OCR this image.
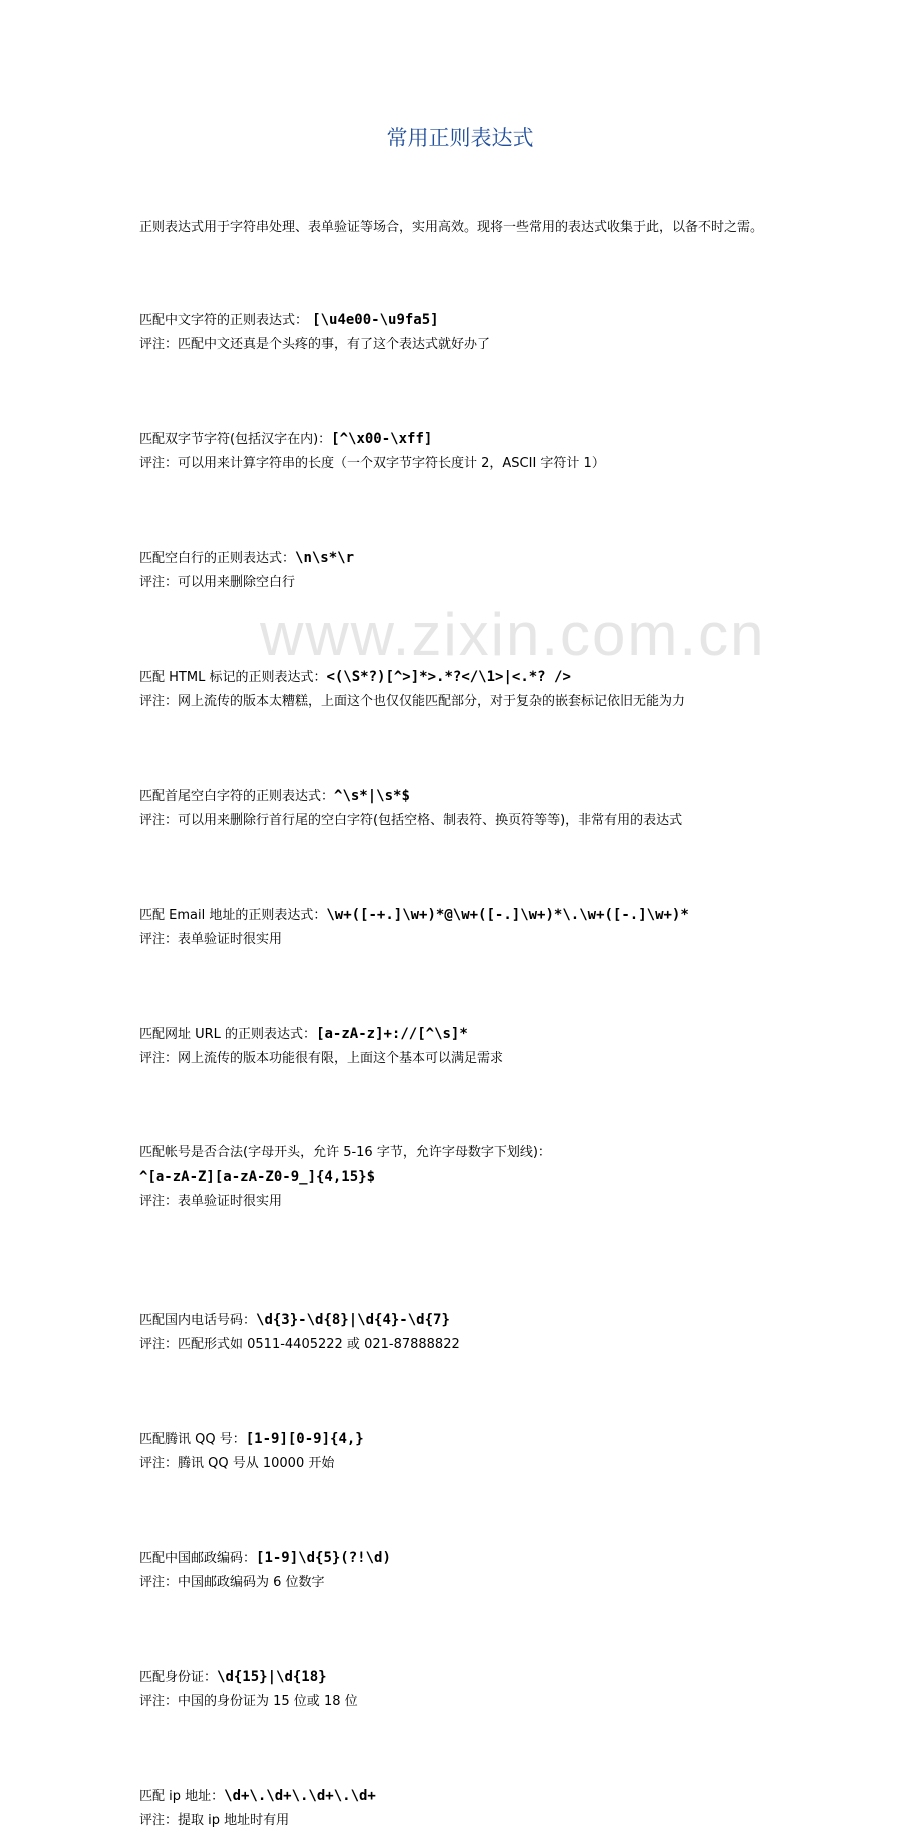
www.zixin.com.cn
常用正则表达式
正则表达式用于字符串处理、表单验证等场合，实用高效。现将一些常用的表达式收集于此，以备不时之需。
匹配中文字符的正则表达式： [\u4e00-\u9fa5]
评注：匹配中文还真是个头疼的事，有了这个表达式就好办了
匹配双字节字符(包括汉字在内)：[^\x00-\xff]
评注：可以用来计算字符串的长度（一个双字节字符长度计 2，ASCII 字符计 1）
匹配空白行的正则表达式：\n\s*\r
评注：可以用来删除空白行
匹配 HTML 标记的正则表达式：<(\S*?)[^>]*>.*?</\1>|<.*? />
评注：网上流传的版本太糟糕，上面这个也仅仅能匹配部分，对于复杂的嵌套标记依旧无能为力
匹配首尾空白字符的正则表达式：^\s*|\s*$
评注：可以用来删除行首行尾的空白字符(包括空格、制表符、换页符等等)，非常有用的表达式
匹配 Email 地址的正则表达式：\w+([-+.]\w+)*@\w+([-.]\w+)*\.\w+([-.]\w+)*
评注：表单验证时很实用
匹配网址 URL 的正则表达式：[a-zA-z]+://[^\s]*
评注：网上流传的版本功能很有限，上面这个基本可以满足需求
匹配帐号是否合法(字母开头，允许 5-16 字节，允许字母数字下划线)：
^[a-zA-Z][a-zA-Z0-9_]{4,15}$
评注：表单验证时很实用
匹配国内电话号码：\d{3}-\d{8}|\d{4}-\d{7}
评注：匹配形式如 0511-4405222 或 021-87888822
匹配腾讯 QQ 号：[1-9][0-9]{4,}
评注：腾讯 QQ 号从 10000 开始
匹配中国邮政编码：[1-9]\d{5}(?!\d)
评注：中国邮政编码为 6 位数字
匹配身份证：\d{15}|\d{18}
评注：中国的身份证为 15 位或 18 位
匹配 ip 地址：\d+\.\d+\.\d+\.\d+
评注：提取 ip 地址时有用
